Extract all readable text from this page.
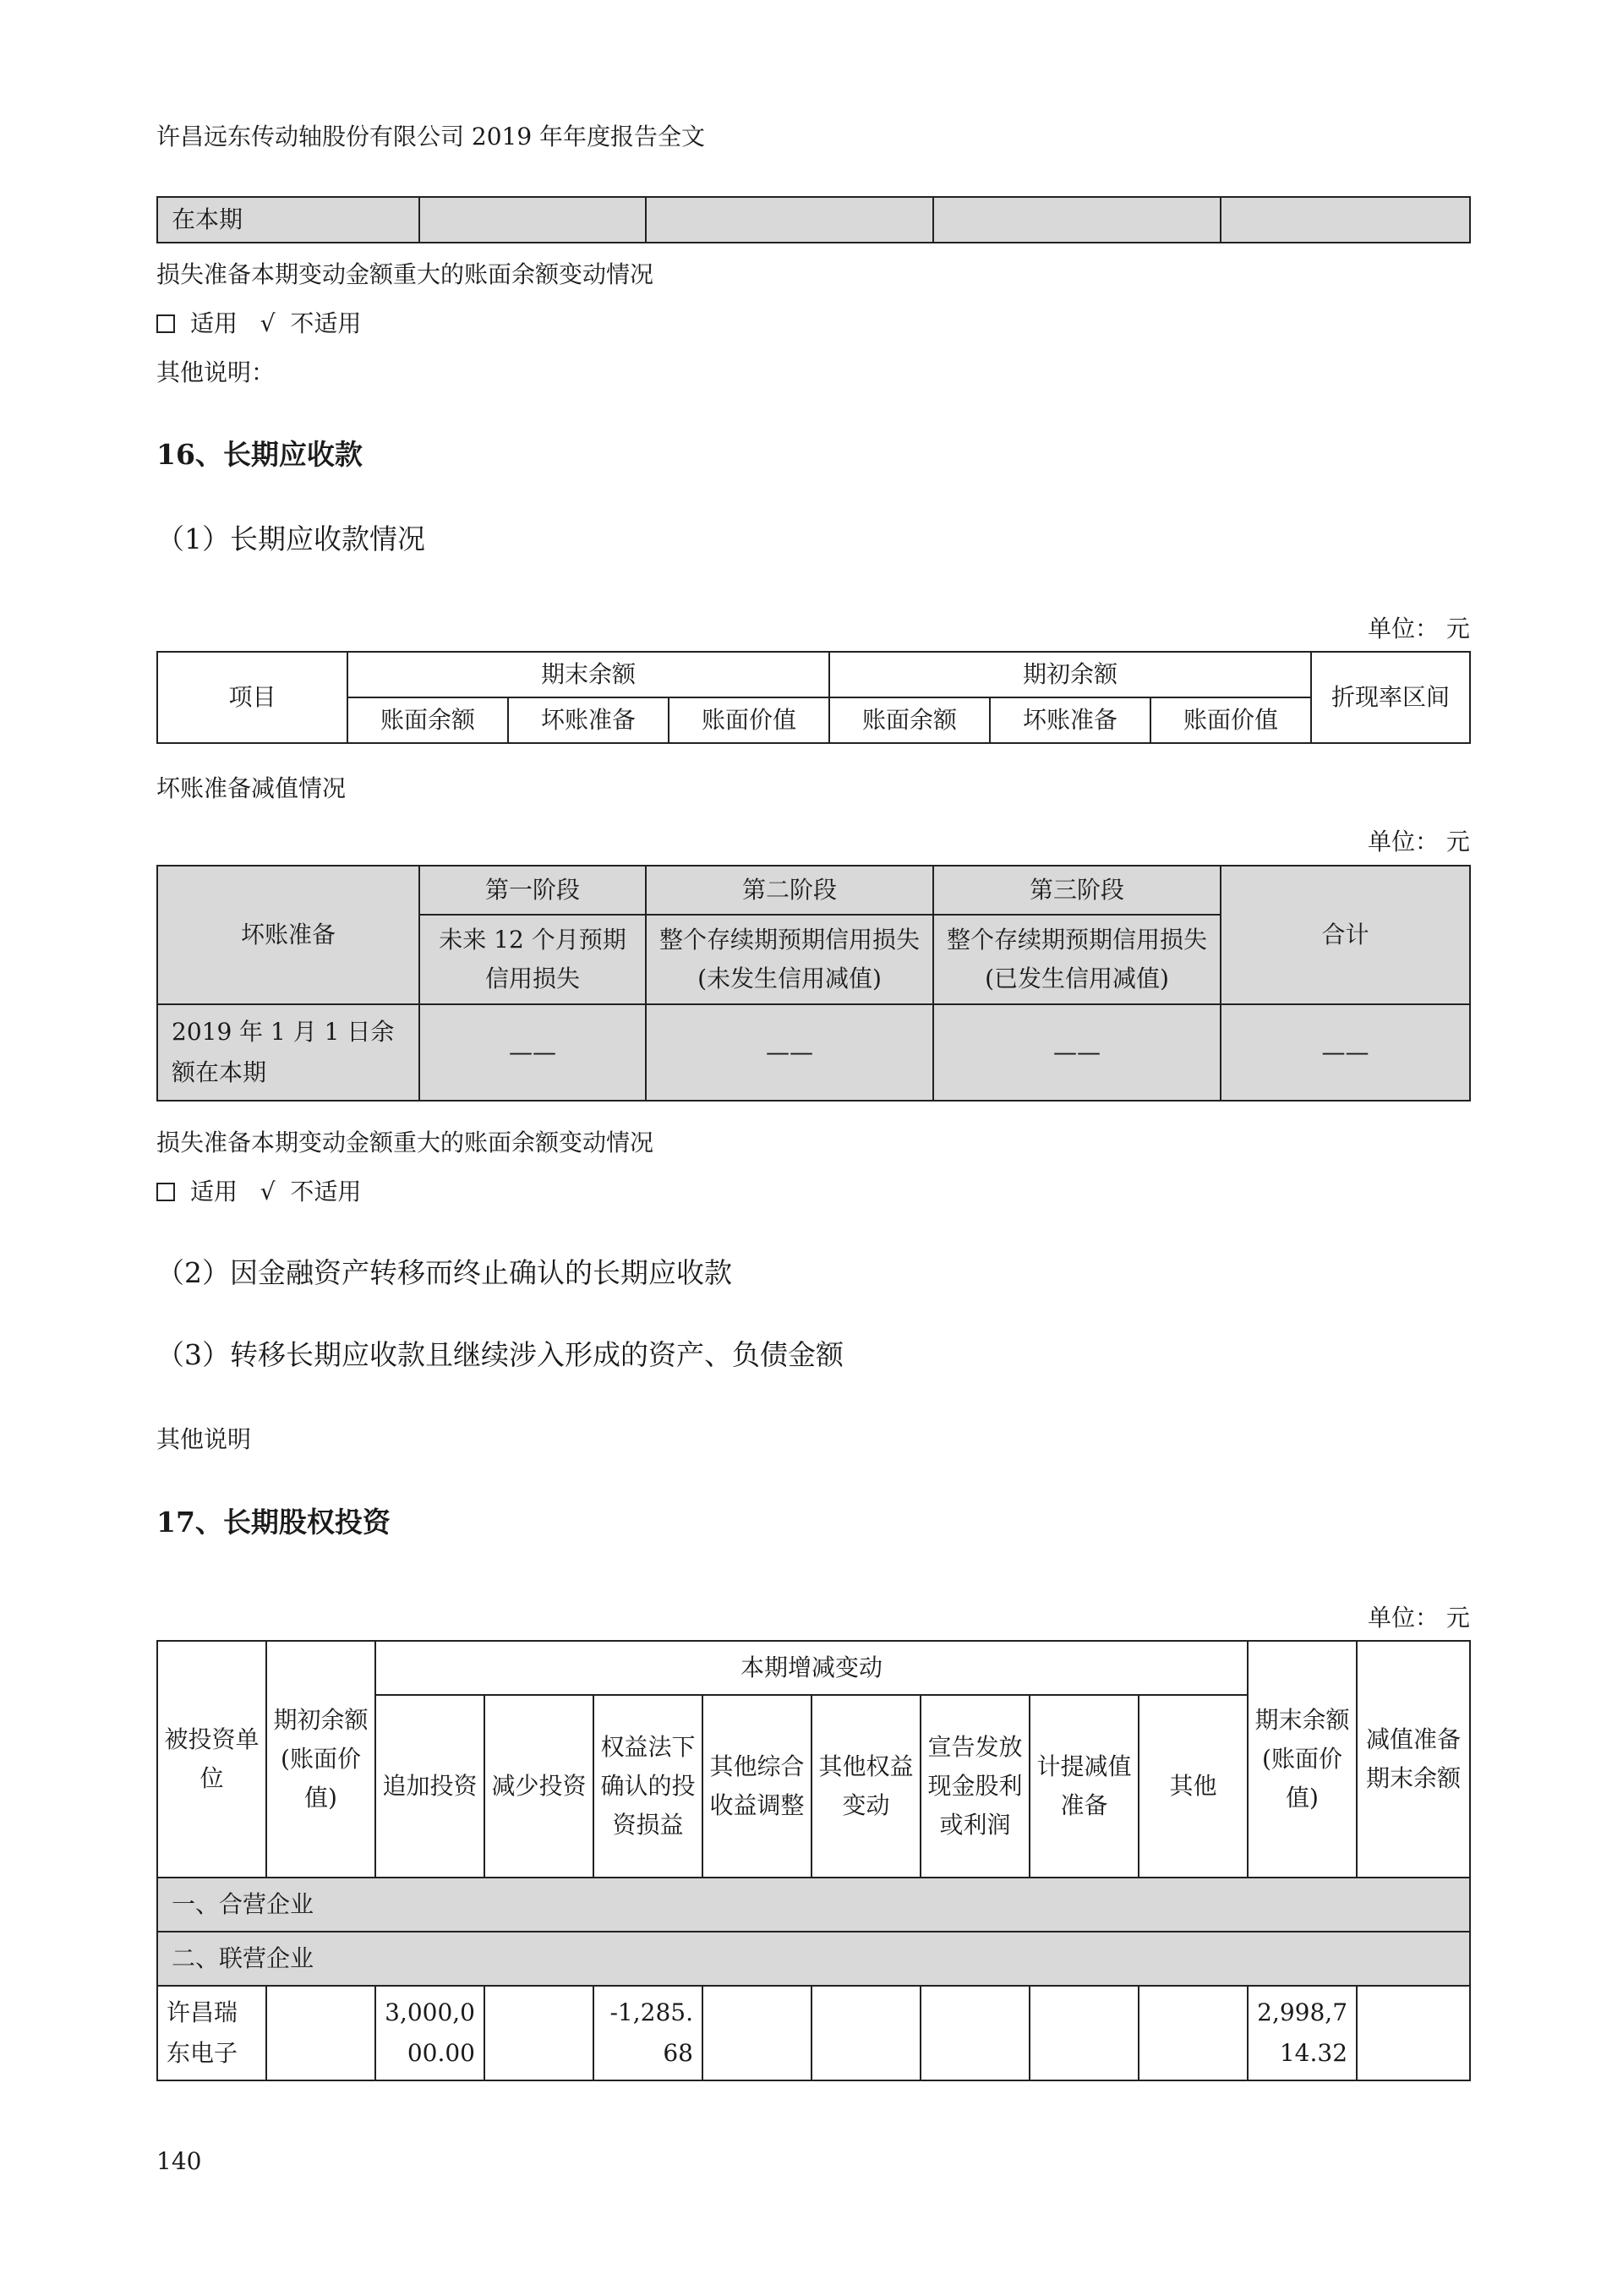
许昌远东传动轴股份有限公司 2019 年年度报告全文
在本期				
损失准备本期变动金额重大的账面余额变动情况
适用 √ 不适用
其他说明：
16、长期应收款
（1）长期应收款情况
单位： 元
项目	期末余额			期初余额			折现率区间
	账面余额	坏账准备	账面价值	账面余额	坏账准备	账面价值	
坏账准备减值情况
单位： 元
坏账准备	第一阶段	第二阶段	第三阶段	合计
	未来 12 个月预期信用损失	整个存续期预期信用损失(未发生信用减值)	整个存续期预期信用损失(已发生信用减值)	
2019 年 1 月 1 日余额在本期	——	——	——	——
损失准备本期变动金额重大的账面余额变动情况
适用 √ 不适用
（2）因金融资产转移而终止确认的长期应收款
（3）转移长期应收款且继续涉入形成的资产、负债金额
其他说明
17、长期股权投资
单位： 元
被投资单位	期初余额(账面价值)	本期增减变动								期末余额(账面价值)	减值准备期末余额
		追加投资	减少投资	权益法下确认的投资损益	其他综合收益调整	其他权益变动	宣告发放现金股利或利润	计提减值准备	其他		
一、合营企业											
二、联营企业											
许昌瑞东电子		3,000,000.00		-1,285.68						2,998,714.32	
140
